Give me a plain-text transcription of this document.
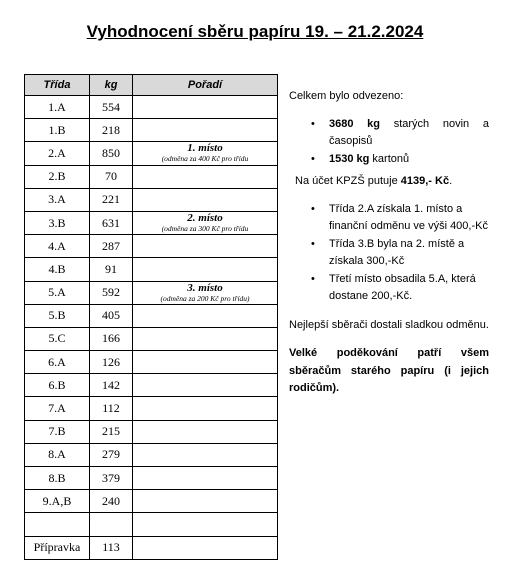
Vyhodnocení sběru papíru 19. – 21.2.2024
Třída	kg	Pořadí
1.A	554	
1.B	218	
2.A	850	1. místo
(odměna za 400 Kč pro třídu

2.B	70	
3.A	221	
3.B	631	2. místo
(odměna za 300 Kč pro třídu

4.A	287	
4.B	91	
5.A	592	3. místo
(odměna za 200 Kč pro třídu)

5.B	405	
5.C	166	
6.A	126	
6.B	142	
7.A	112	
7.B	215	
8.A	279	
8.B	379	
9.A,B	240	

Přípravka	113	

Celkem bylo odvezeno:

• 3680 kg starých novin a časopisů
• 1530 kg kartonů

Na účet KPZŠ putuje 4139,- Kč.

• Třída 2.A získala 1. místo a finanční odměnu ve výši 400,-Kč
• Třída 3.B byla na 2. místě a získala 300,-Kč
• Třetí místo obsadila 5.A, která dostane 200,-Kč.

Nejlepší sběrači dostali sladkou odměnu.

Velké poděkování patří všem sběračům starého papíru (i jejich rodičům).
